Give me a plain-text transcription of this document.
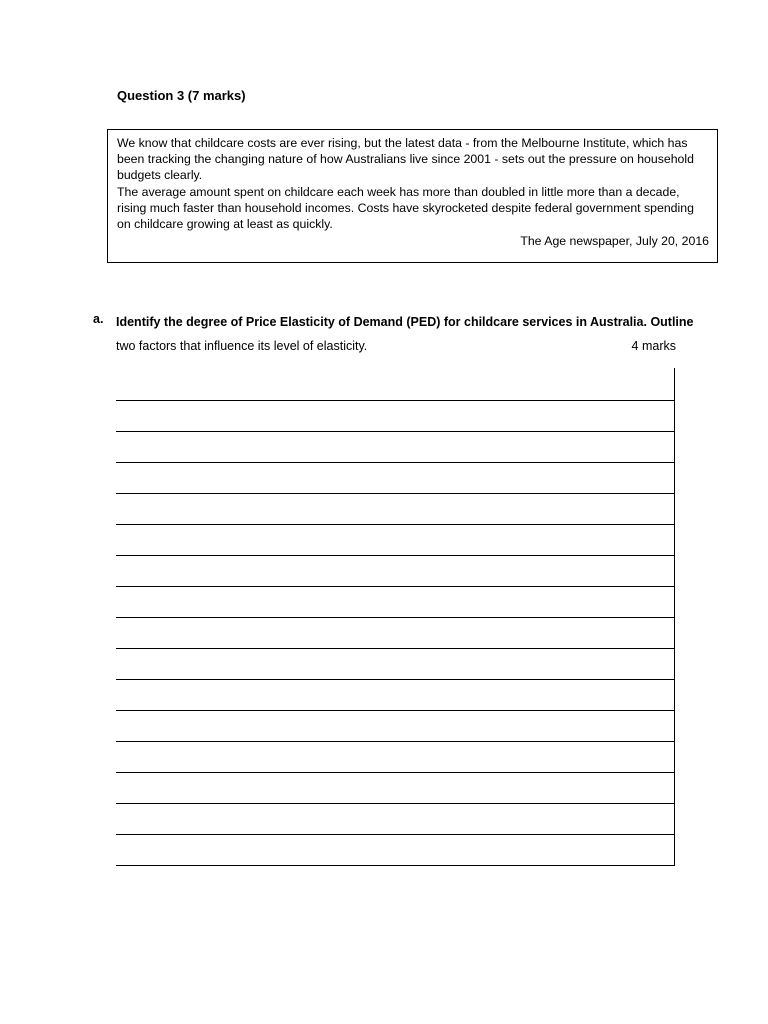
Question 3 (7 marks)

We know that childcare costs are ever rising, but the latest data - from the Melbourne Institute, which has been tracking the changing nature of how Australians live since 2001 - sets out the pressure on household budgets clearly.

The average amount spent on childcare each week has more than doubled in little more than a decade, rising much faster than household incomes. Costs have skyrocketed despite federal government spending on childcare growing at least as quickly.

The Age newspaper, July 20, 2016

a. Identify the degree of Price Elasticity of Demand (PED) for childcare services in Australia. Outline
two factors that influence its level of elasticity.	4 marks
